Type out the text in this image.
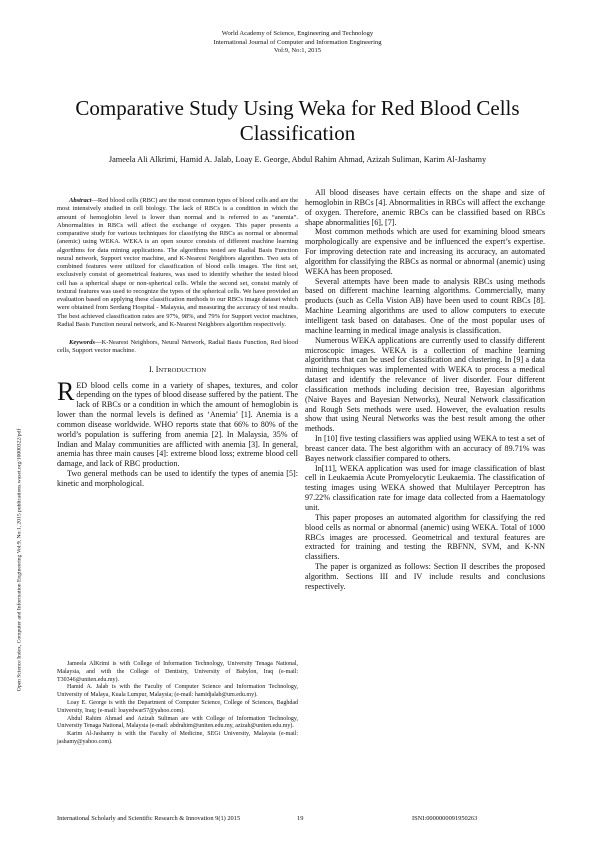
World Academy of Science, Engineering and Technology
International Journal of Computer and Information Engineering
Vol:9, No:1, 2015
Comparative Study Using Weka for Red Blood Cells
Classification
Jameela Ali Alkrimi, Hamid A. Jalab, Loay E. George, Abdul Rahim Ahmad, Azizah Suliman, Karim Al-Jashamy
Open Science Index, Computer and Information Engineering Vol:9, No:1, 2015 publications.waset.org/10000322/pdf

Abstract—Red blood cells (RBC) are the most common types of blood cells and are the most intensively studied in cell biology. The lack of RBCs is a condition in which the amount of hemoglobin level is lower than normal and is referred to as “anemia”. Abnormalities in RBCs will affect the exchange of oxygen. This paper presents a comparative study for various techniques for classifying the RBCs as normal or abnormal (anemic) using WEKA. WEKA is an open source consists of different machine learning algorithms for data mining applications. The algorithms tested are Radial Basis Function neural network, Support vector machine, and K-Nearest Neighbors algorithm. Two sets of combined features were utilized for classification of blood cells images. The first set, exclusively consist of geometrical features, was used to identify whether the tested blood cell has a spherical shape or non-spherical cells. While the second set, consist mainly of textural features was used to recognize the types of the spherical cells. We have provided an evaluation based on applying these classification methods to our RBCs image dataset which were obtained from Serdang Hospital - Malaysia, and measuring the accuracy of test results. The best achieved classification rates are 97%, 98%, and 79% for Support vector machines, Radial Basis Function neural network, and K-Nearest Neighbors algorithm respectively.

Keywords—K-Nearest Neighbors, Neural Network, Radial Basis Function, Red blood cells, Support vector machine.

I. INTRODUCTION

RED blood cells come in a variety of shapes, textures, and color depending on the types of blood disease suffered by the patient. The lack of RBCs or a condition in which the amount of hemoglobin is lower than the normal levels is defined as ‘Anemia’ [1]. Anemia is a common disease worldwide. WHO reports state that 66% to 80% of the world’s population is suffering from anemia [2]. In Malaysia, 35% of Indian and Malay communities are afflicted with anemia [3]. In general, anemia has three main causes [4]: extreme blood loss; extreme blood cell damage, and lack of RBC production.

Two general methods can be used to identify the types of anemia [5]: kinetic and morphological.

Jameela AlKrimi is with College of Information Technology, University Tenaga National, Malaysia, and with the College of Dentistry, University of Babylon, Iraq (e-mail: T30346@uniten.edu.my).

Hamid A. Jalab is with the Faculty of Computer Science and Information Technology, University of Malaya, Kuala Lumpur, Malaysia; (e-mail: hamidjalab@um.edu.my).

Loay E. George is with the Department of Computer Science, College of Sciences, Baghdad University, Iraq; (e-mail: loayedwar57@yahoo.com).

Abdul Rahim Ahmad and Azizah Suliman are with College of Information Technology, University Tenaga National, Malaysia (e-mail: abdrahim@uniten.edu.my, azizah@uniten.edu.my).

Karim Al-Jashamy is with the Faculty of Medicine, SEGi University, Malaysia (e-mail: jashamy@yahoo.com).

All blood diseases have certain effects on the shape and size of hemoglobin in RBCs [4]. Abnormalities in RBCs will affect the exchange of oxygen. Therefore, anemic RBCs can be classified based on RBCs shape abnormalities [6], [7].

Most common methods which are used for examining blood smears morphologically are expensive and be influenced the expert’s expertise. For improving detection rate and increasing its accuracy, an automated algorithm for classifying the RBCs as normal or abnormal (anemic) using WEKA has been proposed.

Several attempts have been made to analysis RBCs using methods based on different machine learning algorithms. Commercially, many products (such as Cella Vision AB) have been used to count RBCs [8]. Machine Learning algorithms are used to allow computers to execute intelligent task based on databases. One of the most popular uses of machine learning in medical image analysis is classification.

Numerous WEKA applications are currently used to classify different microscopic images. WEKA is a collection of machine learning algorithms that can be used for classification and clustering. In [9] a data mining techniques was implemented with WEKA to process a medical dataset and identify the relevance of liver disorder. Four different classification methods including decision tree, Bayesian algorithms (Naive Bayes and Bayesian Networks), Neural Network classification and Rough Sets methods were used. However, the evaluation results show that using Neural Networks was the best result among the other methods.

In [10] five testing classifiers was applied using WEKA to test a set of breast cancer data. The best algorithm with an accuracy of 89.71% was Bayes network classifier compared to others.

In[11], WEKA application was used for image classification of blast cell in Leukaemia Acute Promyelocytic Leukaemia. The classification of testing images using WEKA showed that Multilayer Perceptron has 97.22% classification rate for image data collected from a Haematology unit.

This paper proposes an automated algorithm for classifying the red blood cells as normal or abnormal (anemic) using WEKA. Total of 1000 RBCs images are processed. Geometrical and textural features are extracted for training and testing the RBFNN, SVM, and K-NN classifiers.

The paper is organized as follows: Section II describes the proposed algorithm. Sections III and IV include results and conclusions respectively.

International Scholarly and Scientific Research & Innovation 9(1) 2015	19	ISNI:0000000091950263
